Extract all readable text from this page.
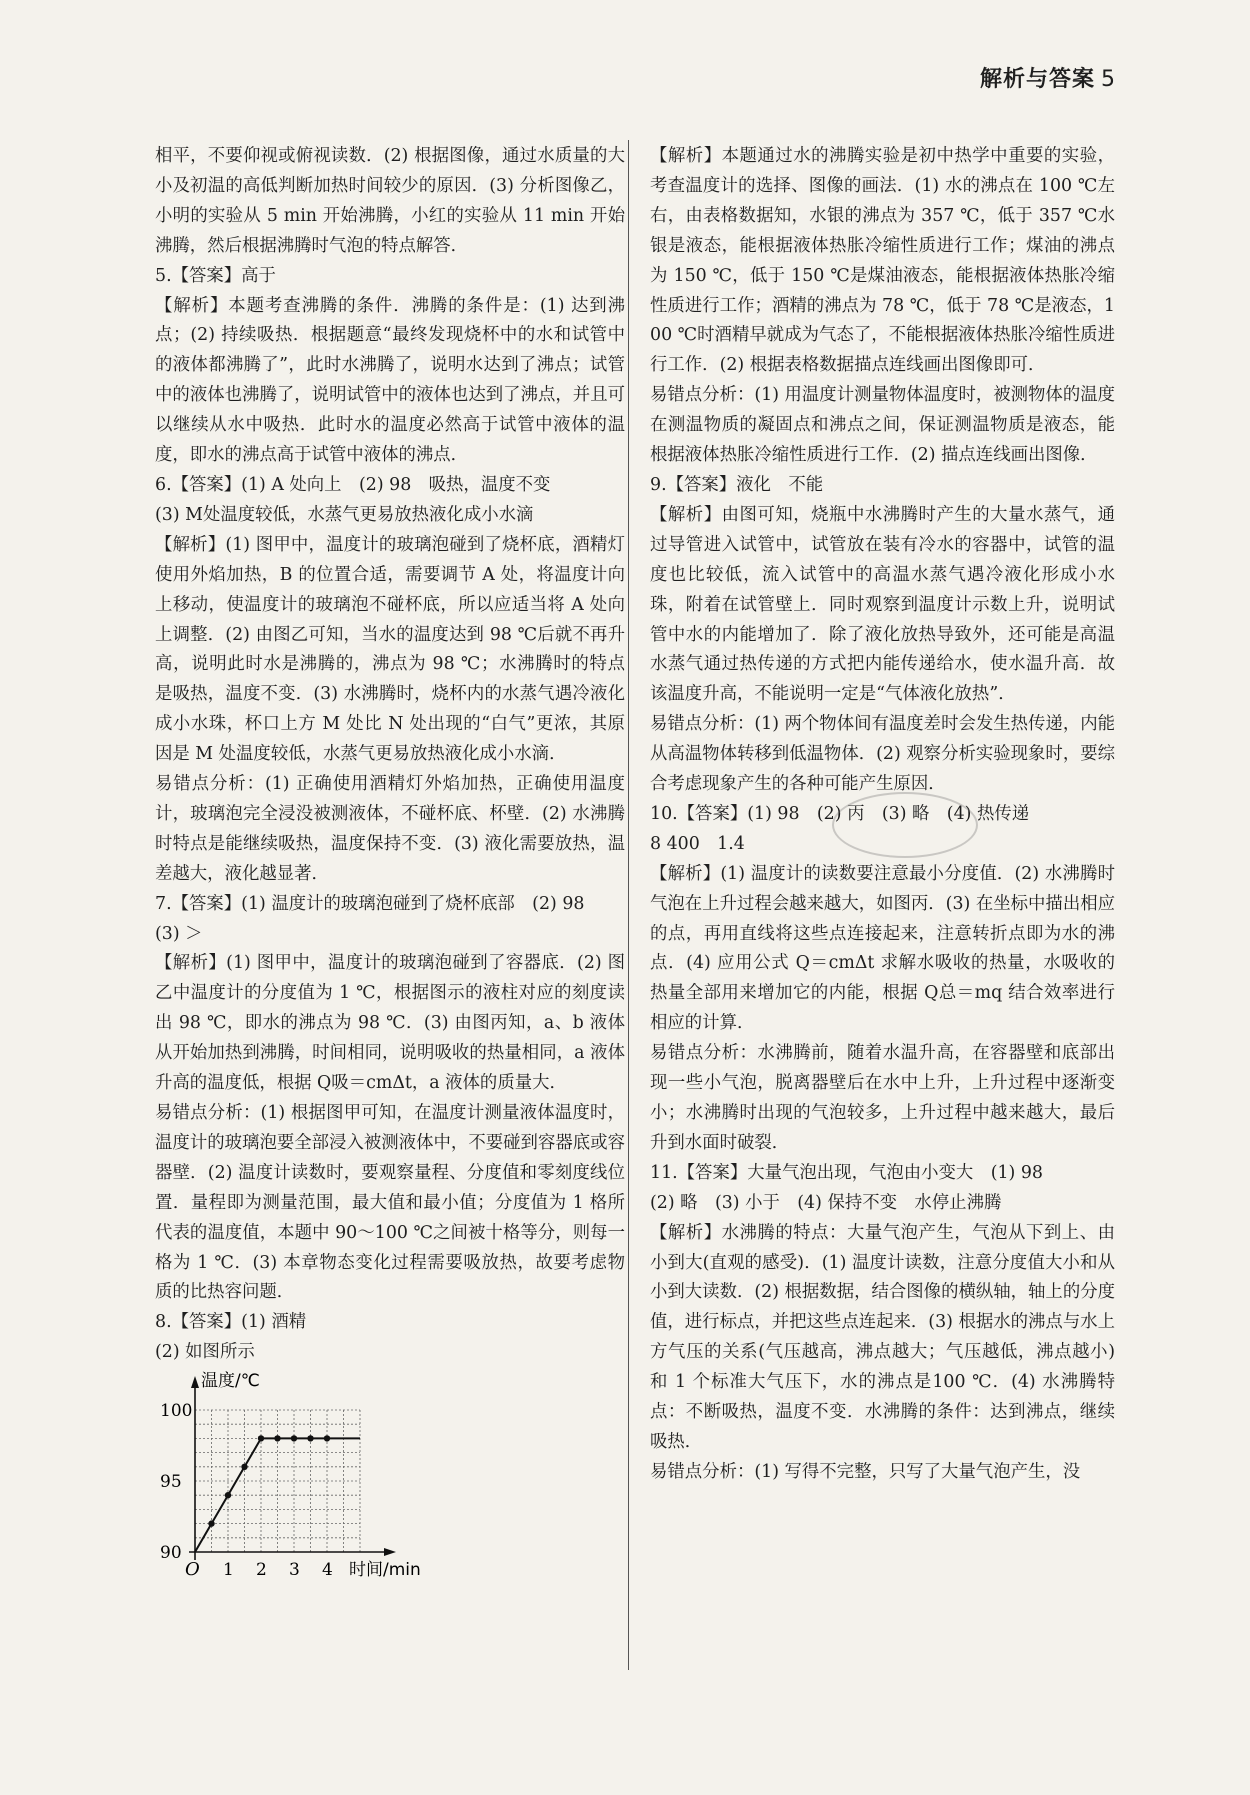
解析与答案 5

相平，不要仰视或俯视读数．(2) 根据图像，通过水质量的大小及初温的高低判断加热时间较少的原因．(3) 分析图像乙，小明的实验从 5 min 开始沸腾，小红的实验从 11 min 开始沸腾，然后根据沸腾时气泡的特点解答．

5.【答案】高于

【解析】本题考查沸腾的条件．沸腾的条件是：(1) 达到沸点；(2) 持续吸热．根据题意“最终发现烧杯中的水和试管中的液体都沸腾了”，此时水沸腾了，说明水达到了沸点；试管中的液体也沸腾了，说明试管中的液体也达到了沸点，并且可以继续从水中吸热．此时水的温度必然高于试管中液体的温度，即水的沸点高于试管中液体的沸点．

6.【答案】(1) A 处向上　(2) 98　吸热，温度不变

(3) M处温度较低，水蒸气更易放热液化成小水滴

【解析】(1) 图甲中，温度计的玻璃泡碰到了烧杯底，酒精灯使用外焰加热，B 的位置合适，需要调节 A 处，将温度计向上移动，使温度计的玻璃泡不碰杯底，所以应适当将 A 处向上调整．(2) 由图乙可知，当水的温度达到 98 ℃后就不再升高，说明此时水是沸腾的，沸点为 98 ℃；水沸腾时的特点是吸热，温度不变．(3) 水沸腾时，烧杯内的水蒸气遇冷液化成小水珠，杯口上方 M 处比 N 处出现的“白气”更浓，其原因是 M 处温度较低，水蒸气更易放热液化成小水滴．

易错点分析：(1) 正确使用酒精灯外焰加热，正确使用温度计，玻璃泡完全浸没被测液体，不碰杯底、杯壁．(2) 水沸腾时特点是能继续吸热，温度保持不变．(3) 液化需要放热，温差越大，液化越显著．

7.【答案】(1) 温度计的玻璃泡碰到了烧杯底部　(2) 98

(3) ＞

【解析】(1) 图甲中，温度计的玻璃泡碰到了容器底．(2) 图乙中温度计的分度值为 1 ℃，根据图示的液柱对应的刻度读出 98 ℃，即水的沸点为 98 ℃．(3) 由图丙知，a、b 液体从开始加热到沸腾，时间相同，说明吸收的热量相同，a 液体升高的温度低，根据 Q吸＝cmΔt，a 液体的质量大．

易错点分析：(1) 根据图甲可知，在温度计测量液体温度时，温度计的玻璃泡要全部浸入被测液体中，不要碰到容器底或容器壁．(2) 温度计读数时，要观察量程、分度值和零刻度线位置．量程即为测量范围，最大值和最小值；分度值为 1 格所代表的温度值，本题中 90～100 ℃之间被十格等分，则每一格为 1 ℃．(3) 本章物态变化过程需要吸放热，故要考虑物质的比热容问题．

8.【答案】(1) 酒精

(2) 如图所示

温度/℃
时间/min
O 1 2 3 4
90
95
100

【解析】本题通过水的沸腾实验是初中热学中重要的实验，考查温度计的选择、图像的画法．(1) 水的沸点在 100 ℃左右，由表格数据知，水银的沸点为 357 ℃，低于 357 ℃水银是液态，能根据液体热胀冷缩性质进行工作；煤油的沸点为 150 ℃，低于 150 ℃是煤油液态，能根据液体热胀冷缩性质进行工作；酒精的沸点为 78 ℃，低于 78 ℃是液态，100 ℃时酒精早就成为气态了，不能根据液体热胀冷缩性质进行工作．(2) 根据表格数据描点连线画出图像即可．

易错点分析：(1) 用温度计测量物体温度时，被测物体的温度在测温物质的凝固点和沸点之间，保证测温物质是液态，能根据液体热胀冷缩性质进行工作．(2) 描点连线画出图像．

9.【答案】液化　不能

【解析】由图可知，烧瓶中水沸腾时产生的大量水蒸气，通过导管进入试管中，试管放在装有冷水的容器中，试管的温度也比较低，流入试管中的高温水蒸气遇冷液化形成小水珠，附着在试管壁上．同时观察到温度计示数上升，说明试管中水的内能增加了．除了液化放热导致外，还可能是高温水蒸气通过热传递的方式把内能传递给水，使水温升高．故该温度升高，不能说明一定是“气体液化放热”．

易错点分析：(1) 两个物体间有温度差时会发生热传递，内能从高温物体转移到低温物体．(2) 观察分析实验现象时，要综合考虑现象产生的各种可能产生原因．

10.【答案】(1) 98　(2) 丙　(3) 略　(4) 热传递

8 400　1.4

【解析】(1) 温度计的读数要注意最小分度值．(2) 水沸腾时气泡在上升过程会越来越大，如图丙．(3) 在坐标中描出相应的点，再用直线将这些点连接起来，注意转折点即为水的沸点．(4) 应用公式 Q＝cmΔt 求解水吸收的热量，水吸收的热量全部用来增加它的内能，根据 Q总＝mq 结合效率进行相应的计算．

易错点分析：水沸腾前，随着水温升高，在容器壁和底部出现一些小气泡，脱离器壁后在水中上升，上升过程中逐渐变小；水沸腾时出现的气泡较多，上升过程中越来越大，最后升到水面时破裂．

11.【答案】大量气泡出现，气泡由小变大　(1) 98

(2) 略　(3) 小于　(4) 保持不变　水停止沸腾

【解析】水沸腾的特点：大量气泡产生，气泡从下到上、由小到大(直观的感受)．(1) 温度计读数，注意分度值大小和从小到大读数．(2) 根据数据，结合图像的横纵轴，轴上的分度值，进行标点，并把这些点连起来．(3) 根据水的沸点与水上方气压的关系(气压越高，沸点越大；气压越低，沸点越小)和 1 个标准大气压下，水的沸点是100 ℃．(4) 水沸腾特点：不断吸热，温度不变．水沸腾的条件：达到沸点，继续吸热．

易错点分析：(1) 写得不完整，只写了大量气泡产生，没
